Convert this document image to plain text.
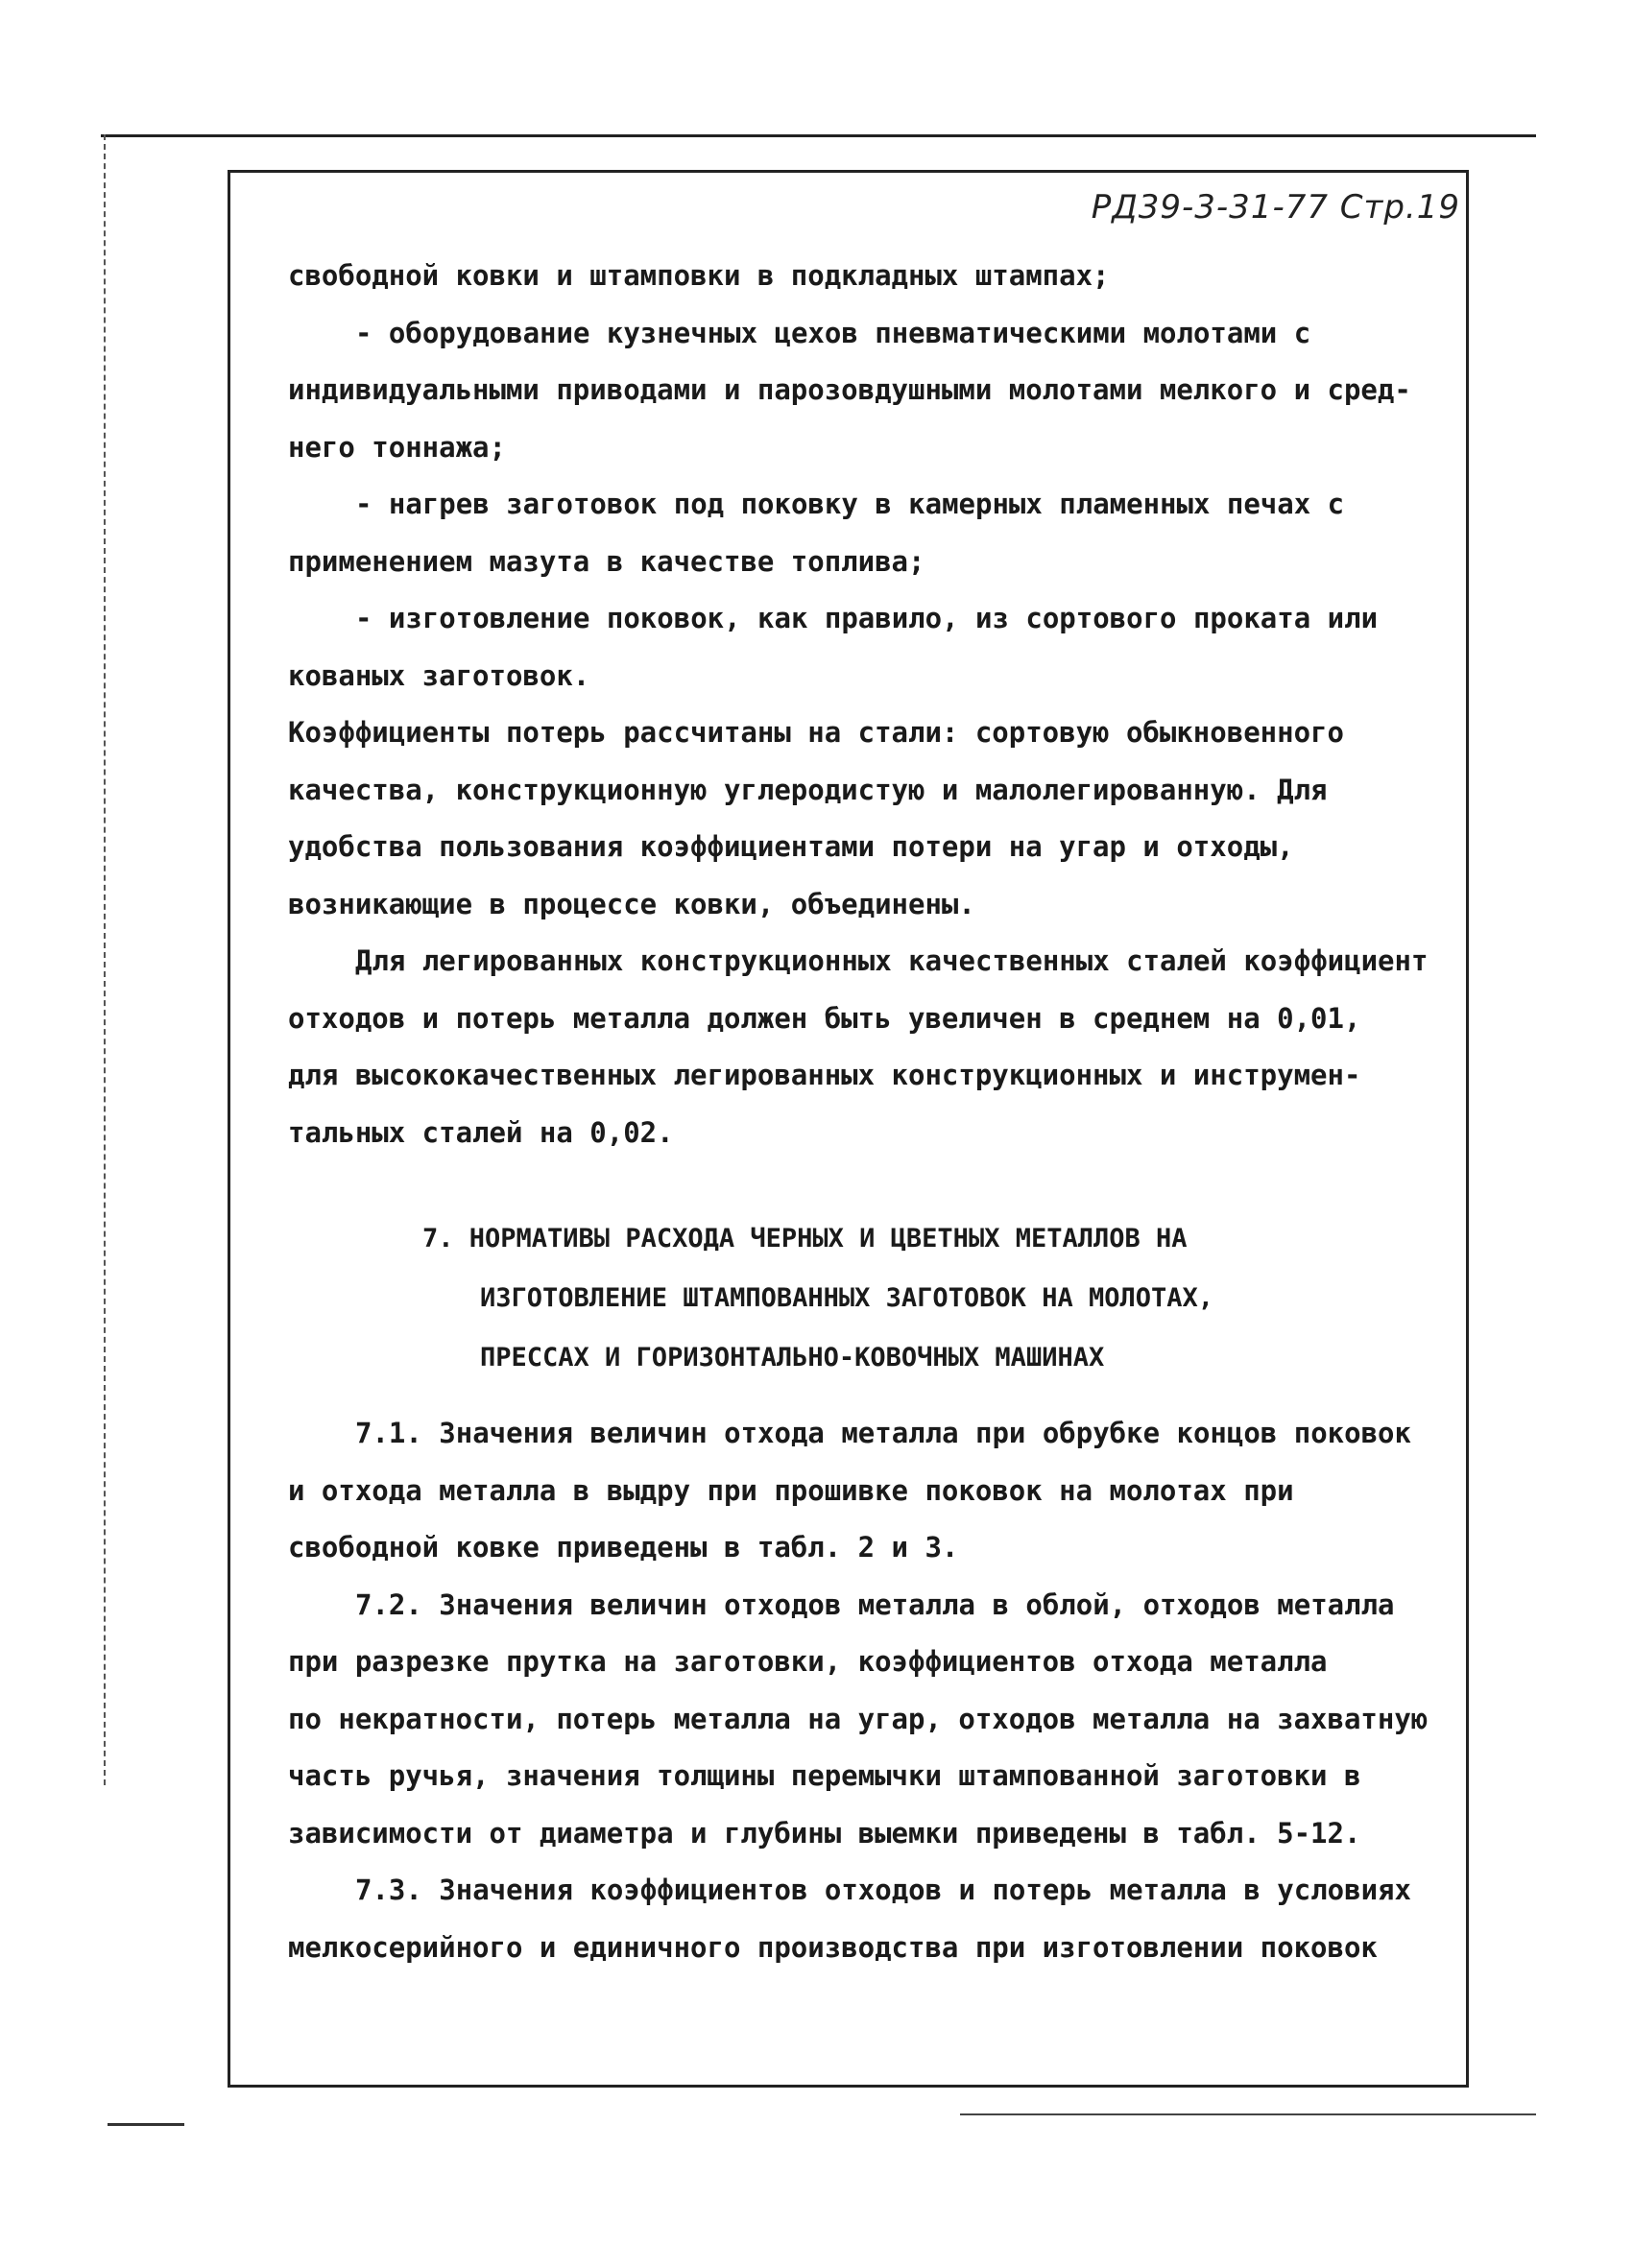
РД39-3-31-77 Стр.19

свободной ковки и штамповки в подкладных штампах;

- оборудование кузнечных цехов пневматическими молотами с

индивидуальными приводами и парозовдушными молотами мелкого и сред-

него тоннажа;

- нагрев заготовок под поковку в камерных пламенных печах с

применением мазута в качестве топлива;

- изготовление поковок, как правило, из сортового проката или

кованых заготовок.

Коэффициенты потерь рассчитаны на стали: сортовую обыкновенного

качества, конструкционную углеродистую и малолегированную. Для

удобства пользования коэффициентами потери на угар и отходы,

возникающие в процессе ковки, объединены.

Для легированных конструкционных качественных сталей коэффициент

отходов и потерь металла должен быть увеличен в среднем на 0,01,

для высококачественных легированных конструкционных и инструмен-

тальных сталей на 0,02.

7. НОРМАТИВЫ РАСХОДА ЧЕРНЫХ И ЦВЕТНЫХ МЕТАЛЛОВ НА

ИЗГОТОВЛЕНИЕ ШТАМПОВАННЫХ ЗАГОТОВОК НА МОЛОТАХ,

ПРЕССАХ И ГОРИЗОНТАЛЬНО-КОВОЧНЫХ МАШИНАХ

7.1. Значения величин отхода металла при обрубке концов поковок

и отхода металла в выдру при прошивке поковок на молотах при

свободной ковке приведены в табл. 2 и 3.

7.2. Значения величин отходов металла в облой, отходов металла

при разрезке прутка на заготовки, коэффициентов отхода металла

по некратности, потерь металла на угар, отходов металла на захватную

часть ручья, значения толщины перемычки штампованной заготовки в

зависимости от диаметра и глубины выемки приведены в табл. 5-12.

7.3. Значения коэффициентов отходов и потерь металла в условиях

мелкосерийного и единичного производства при изготовлении поковок
